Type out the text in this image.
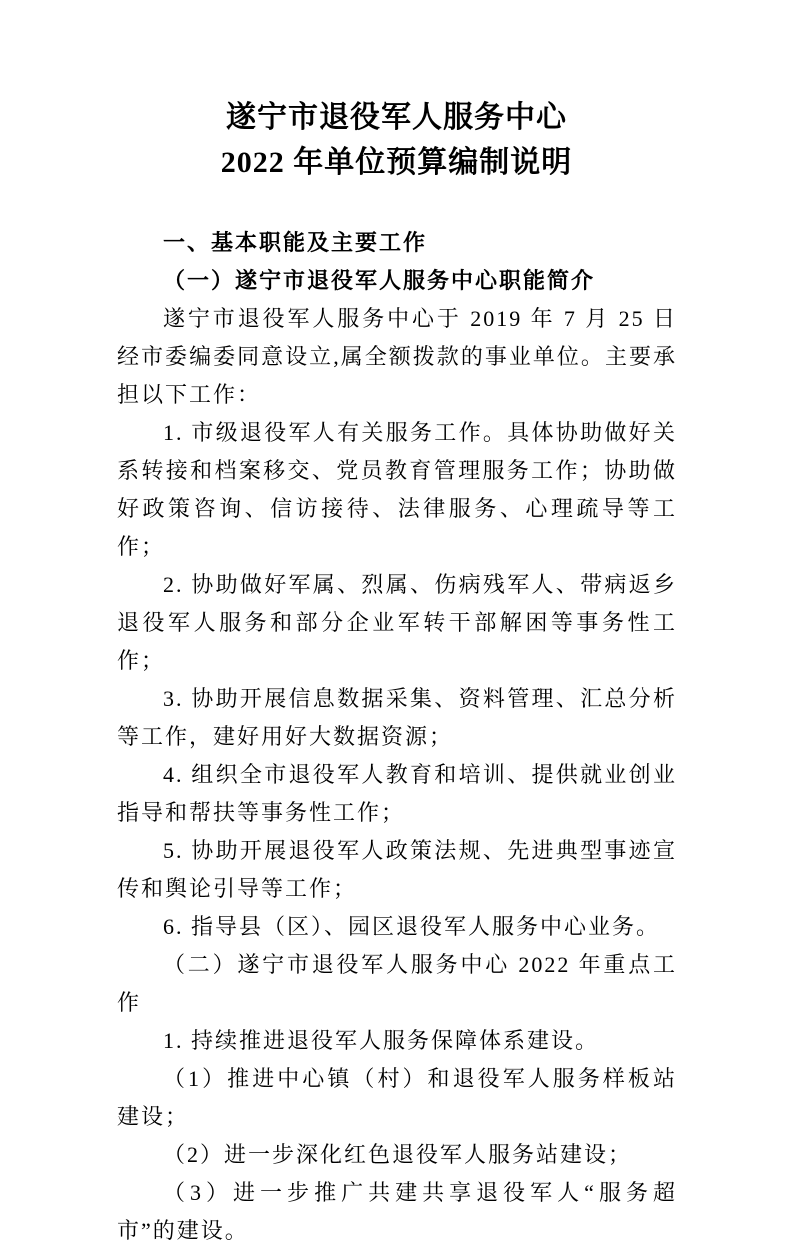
遂宁市退役军人服务中心
2022 年单位预算编制说明

一、基本职能及主要工作

（一）遂宁市退役军人服务中心职能简介

遂宁市退役军人服务中心于 2019 年 7 月 25 日经市委编委同意设立,属全额拨款的事业单位。主要承担以下工作：

1. 市级退役军人有关服务工作。具体协助做好关系转接和档案移交、党员教育管理服务工作；协助做好政策咨询、信访接待、法律服务、心理疏导等工作；

2. 协助做好军属、烈属、伤病残军人、带病返乡退役军人服务和部分企业军转干部解困等事务性工作；

3. 协助开展信息数据采集、资料管理、汇总分析等工作，建好用好大数据资源；

4. 组织全市退役军人教育和培训、提供就业创业指导和帮扶等事务性工作；

5. 协助开展退役军人政策法规、先进典型事迹宣传和舆论引导等工作；

6. 指导县（区）、园区退役军人服务中心业务。

（二）遂宁市退役军人服务中心 2022 年重点工作

1. 持续推进退役军人服务保障体系建设。

（1）推进中心镇（村）和退役军人服务样板站建设；

（2）进一步深化红色退役军人服务站建设；

（3）进一步推广共建共享退役军人“服务超市”的建设。
